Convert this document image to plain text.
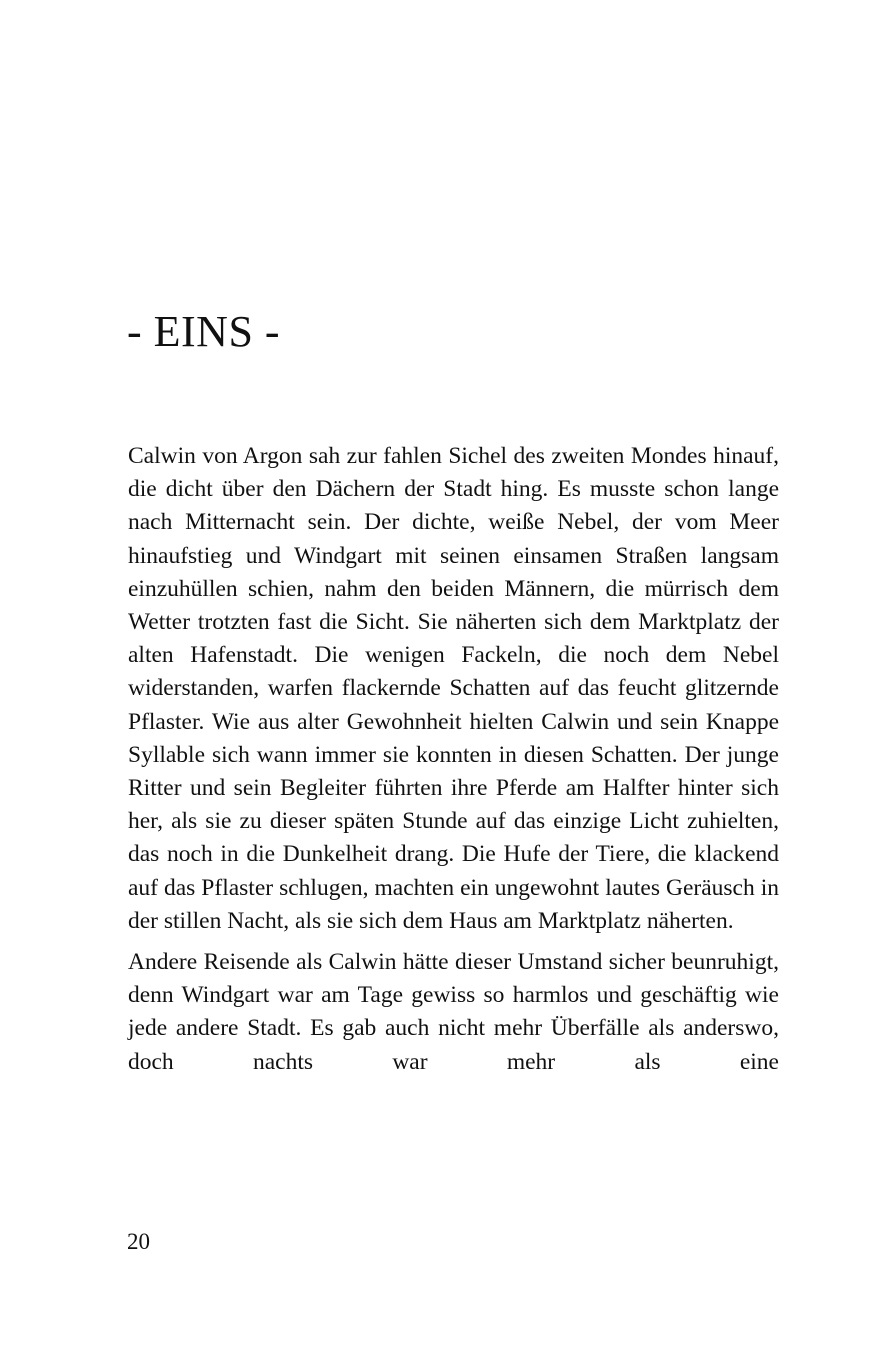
- EINS -

Calwin von Argon sah zur fahlen Sichel des zweiten Mondes hinauf, die dicht über den Dächern der Stadt hing. Es musste schon lange nach Mitternacht sein. Der dichte, weiße Nebel, der vom Meer hinaufstieg und Windgart mit seinen einsamen Straßen langsam einzuhüllen schien, nahm den beiden Männern, die mürrisch dem Wetter trotzten fast die Sicht. Sie näherten sich dem Marktplatz der alten Hafenstadt. Die wenigen Fackeln, die noch dem Nebel widerstanden, warfen flackernde Schatten auf das feucht glitzernde Pflaster. Wie aus alter Gewohnheit hielten Calwin und sein Knappe Syllable sich wann immer sie konnten in diesen Schatten. Der junge Ritter und sein Begleiter führten ihre Pferde am Halfter hinter sich her, als sie zu dieser späten Stunde auf das einzige Licht zuhielten, das noch in die Dunkelheit drang. Die Hufe der Tiere, die klackend auf das Pflaster schlugen, machten ein ungewohnt lautes Geräusch in der stillen Nacht, als sie sich dem Haus am Marktplatz näherten.

Andere Reisende als Calwin hätte dieser Umstand sicher beunruhigt, denn Windgart war am Tage gewiss so harmlos und geschäftig wie jede andere Stadt. Es gab auch nicht mehr Überfälle als anderswo, doch nachts war mehr als eine

20
